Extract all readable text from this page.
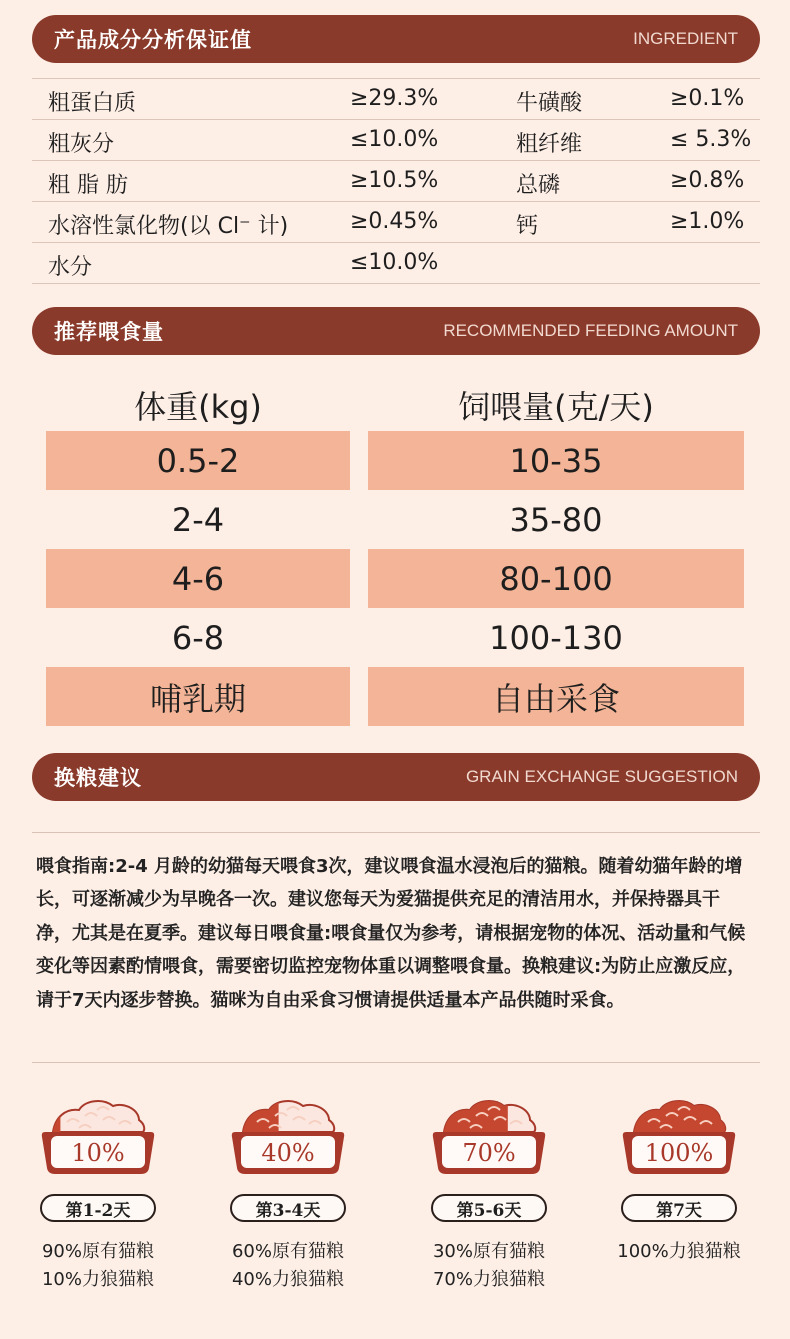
产品成分分析保证值	INGREDIENT
粗蛋白质	≥29.3%	牛磺酸	≥0.1%
粗灰分	≤10.0%	粗纤维	≤ 5.3%
粗 脂 肪	≥10.5%	总磷	≥0.8%
水溶性氯化物(以 Cl⁻ 计)	≥0.45%	钙	≥1.0%
水分	≤10.0%
推荐喂食量	RECOMMENDED FEEDING AMOUNT
体重(kg)	饲喂量(克/天)
0.5-2	10-35
2-4	35-80
4-6	80-100
6-8	100-130
哺乳期	自由采食
换粮建议	GRAIN EXCHANGE SUGGESTION
喂食指南:2-4 月龄的幼猫每天喂食3次，建议喂食温水浸泡后的猫粮。随着幼猫年龄的增长，可逐渐减少为早晚各一次。建议您每天为爱猫提供充足的清洁用水，并保持器具干净，尤其是在夏季。建议每日喂食量:喂食量仅为参考，请根据宠物的体况、活动量和气候变化等因素酌情喂食，需要密切监控宠物体重以调整喂食量。换粮建议:为防止应激反应，请于7天内逐步替换。猫咪为自由采食习惯请提供适量本产品供随时采食。
10%
第1-2天
90%原有猫粮
10%力狼猫粮
40%
第3-4天
60%原有猫粮
40%力狼猫粮
70%
第5-6天
30%原有猫粮
70%力狼猫粮
100%
第7天
100%力狼猫粮
